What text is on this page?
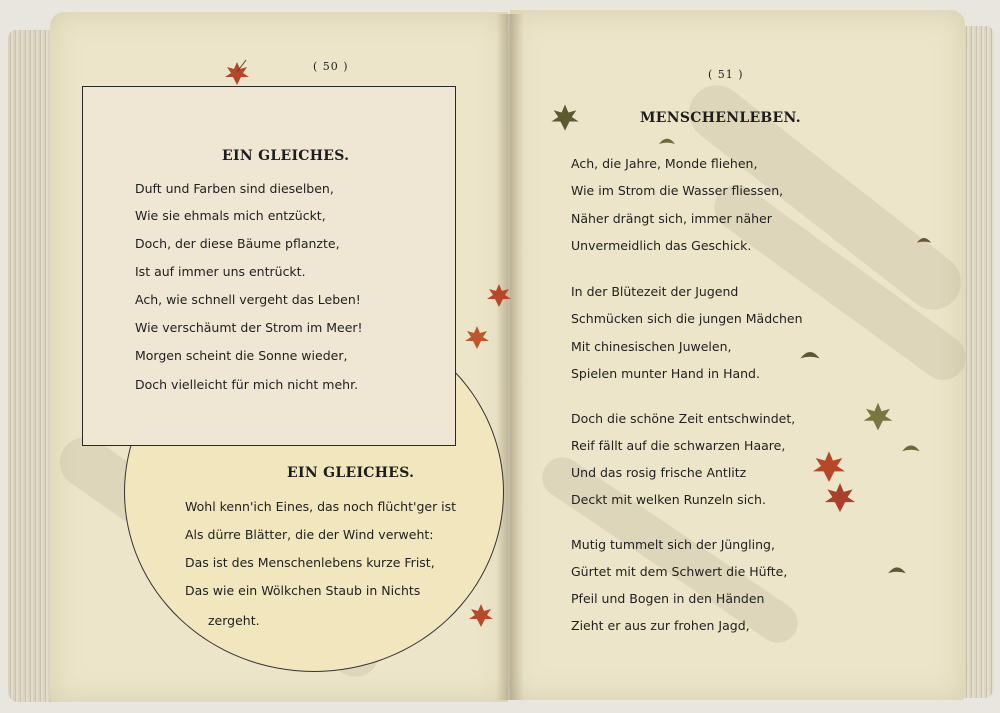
( 50 )
( 51 )
EIN GLEICHES.
Duft und Farben sind dieselben,
Wie sie ehmals mich entzückt,
Doch, der diese Bäume pflanzte,
Ist auf immer uns entrückt.
Ach, wie schnell vergeht das Leben!
Wie verschäumt der Strom im Meer!
Morgen scheint die Sonne wieder,
Doch vielleicht für mich nicht mehr.
EIN GLEICHES.
Wohl kenn'ich Eines, das noch flücht'ger ist
Als dürre Blätter, die der Wind verweht:
Das ist des Menschenlebens kurze Frist,
Das wie ein Wölkchen Staub in Nichts
zergeht.
MENSCHENLEBEN.
Ach, die Jahre, Monde fliehen,
Wie im Strom die Wasser fliessen,
Näher drängt sich, immer näher
Unvermeidlich das Geschick.
In der Blütezeit der Jugend
Schmücken sich die jungen Mädchen
Mit chinesischen Juwelen,
Spielen munter Hand in Hand.
Doch die schöne Zeit entschwindet,
Reif fällt auf die schwarzen Haare,
Und das rosig frische Antlitz
Deckt mit welken Runzeln sich.
Mutig tummelt sich der Jüngling,
Gürtet mit dem Schwert die Hüfte,
Pfeil und Bogen in den Händen
Zieht er aus zur frohen Jagd,
